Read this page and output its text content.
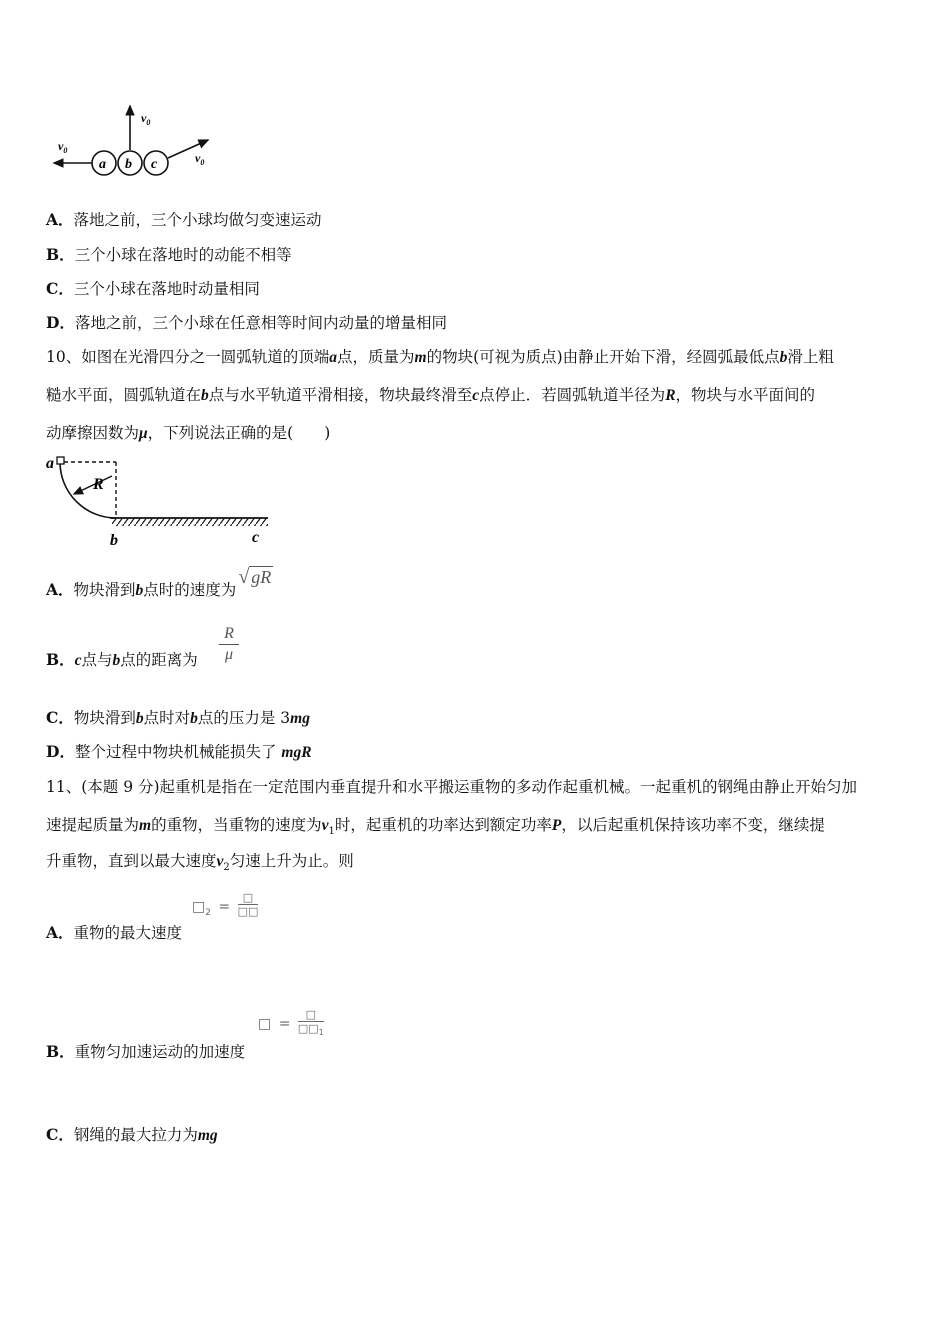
a b c
$v_0$
$v_0$
$v_0$
A．落地之前，三个小球均做匀变速运动
B．三个小球在落地时的动能不相等
C．三个小球在落地时动量相同
D．落地之前，三个小球在任意相等时间内动量的增量相同
10、如图在光滑四分之一圆弧轨道的顶端a点，质量为m的物块(可视为质点)由静止开始下滑，经圆弧最低点b滑上粗
糙水平面，圆弧轨道在b点与水平轨道平滑相接，物块最终滑至c点停止．若圆弧轨道半径为R，物块与水平面间的
动摩擦因数为μ，下列说法正确的是(　　)
a
R
b	c
A．物块滑到b点时的速度为√ gR
B．c点与b点的距离为 $\frac{R}{\mu}$
C．物块滑到b点时对b点的压力是 3mg
D．整个过程中物块机械能损失了 mgR
11、(本题 9 分)起重机是指在一定范围内垂直提升和水平搬运重物的多动作起重机械。一起重机的钢绳由静止开始匀加
速提起质量为m的重物，当重物的速度为$v_1$时，起重机的功率达到额定功率P，以后起重机保持该功率不变，继续提
升重物，直到以最大速度$v_2$匀速上升为止。则
$□_2$ =
□
□□
A．重物的最大速度
□ =
□
$□□_1$
B．重物匀加速运动的加速度
C．钢绳的最大拉力为mg
